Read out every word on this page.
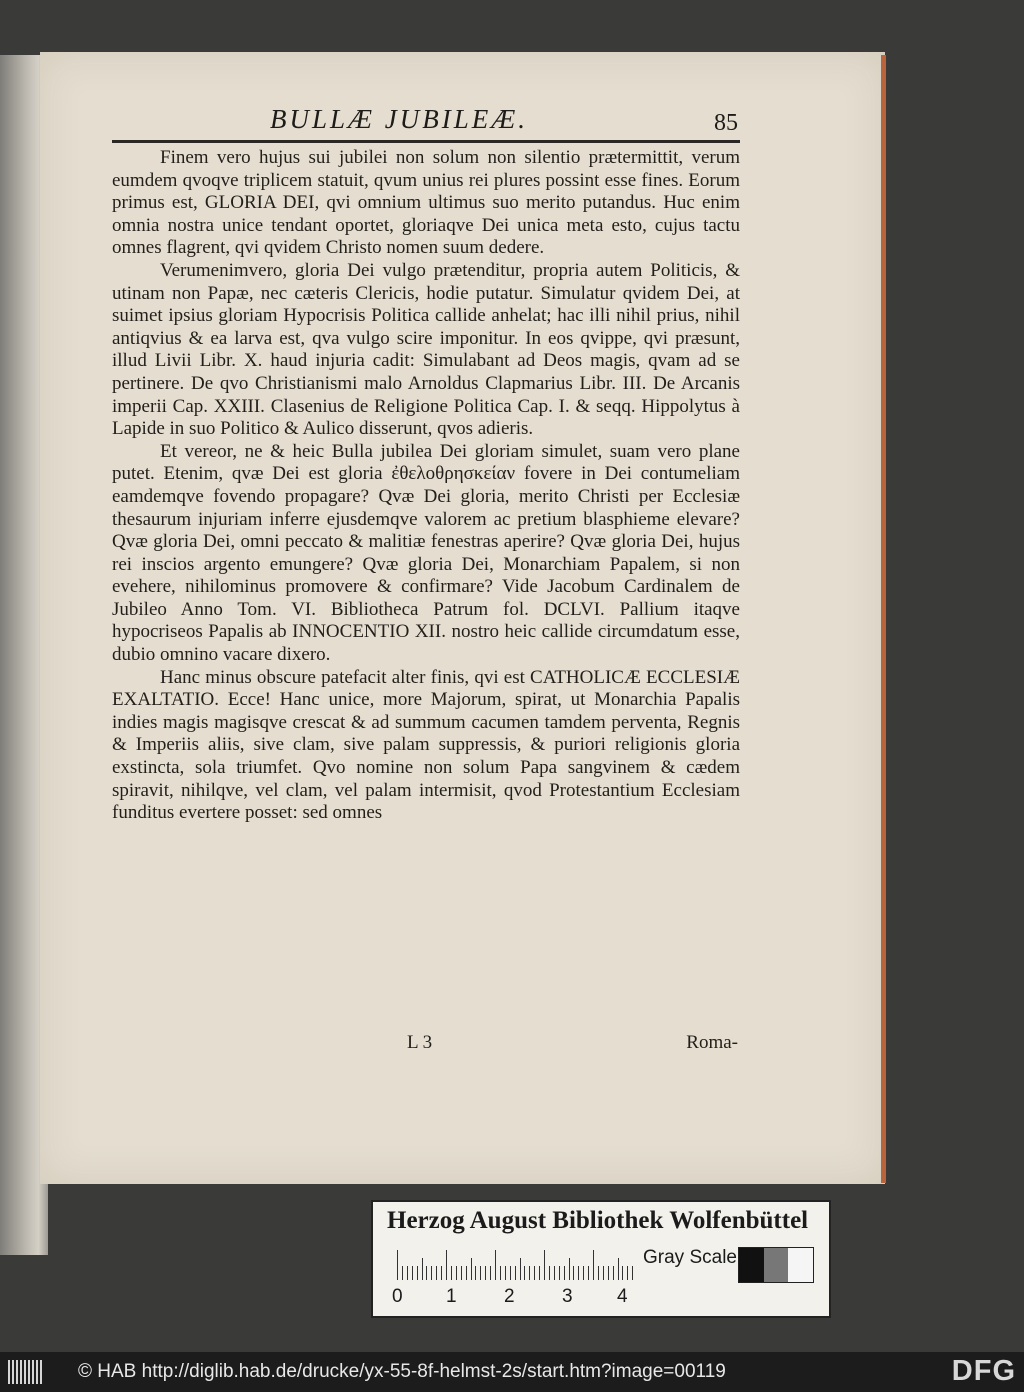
BULLÆ JUBILEÆ.	85

Finem vero hujus sui jubilei non solum non silentio prætermittit, verum eumdem qvoqve triplicem statuit, qvum unius rei plures possint esse fines. Eorum primus est, GLORIA DEI, qvi omnium ultimus suo merito putandus. Huc enim omnia nostra unice tendant oportet, gloriaqve Dei unica meta esto, cujus tactu omnes flagrent, qvi qvidem Christo nomen suum dedere.

Verumenimvero, gloria Dei vulgo prætenditur, propria autem Politicis, & utinam non Papæ, nec cæteris Clericis, hodie putatur. Simulatur qvidem Dei, at suimet ipsius gloriam Hypocrisis Politica callide anhelat; hac illi nihil prius, nihil antiqvius & ea larva est, qva vulgo scire imponitur. In eos qvippe, qvi præsunt, illud Livii Libr. X. haud injuria cadit: Simulabant ad Deos magis, qvam ad se pertinere. De qvo Christianismi malo Arnoldus Clapmarius Libr. III. De Arcanis imperii Cap. XXIII. Clasenius de Religione Politica Cap. I. & seqq. Hippolytus à Lapide in suo Politico & Aulico disserunt, qvos adieris.

Et vereor, ne & heic Bulla jubilea Dei gloriam simulet, suam vero plane putet. Etenim, qvæ Dei est gloria ἐθελοθρησκείαν fovere in Dei contumeliam eamdemqve fovendo propagare? Qvæ Dei gloria, merito Christi per Ecclesiæ thesaurum injuriam inferre ejusdemqve valorem ac pretium blasphieme elevare? Qvæ gloria Dei, omni peccato & malitiæ fenestras aperire? Qvæ gloria Dei, hujus rei inscios argento emungere? Qvæ gloria Dei, Monarchiam Papalem, si non evehere, nihilominus promovere & confirmare? Vide Jacobum Cardinalem de Jubileo Anno Tom. VI. Bibliotheca Patrum fol. DCLVI. Pallium itaqve hypocriseos Papalis ab INNOCENTIO XII. nostro heic callide circumdatum esse, dubio omnino vacare dixero.

Hanc minus obscure patefacit alter finis, qvi est CATHOLICÆ ECCLESIÆ EXALTATIO. Ecce! Hanc unice, more Majorum, spirat, ut Monarchia Papalis indies magis magisqve crescat & ad summum cacumen tamdem perventa, Regnis & Imperiis aliis, sive clam, sive palam suppressis, & puriori religionis gloria exstincta, sola triumfet. Qvo nomine non solum Papa sangvinem & cædem spiravit, nihilqve, vel clam, vel palam intermisit, qvod Protestantium Ecclesiam funditus evertere posset: sed omnes

L 3	Roma-
Herzog August Bibliothek Wolfenbüttel
0 1 2 3 4
Gray Scale
© HAB http://diglib.hab.de/drucke/yx-55-8f-helmst-2s/start.htm?image=00119	DFG
